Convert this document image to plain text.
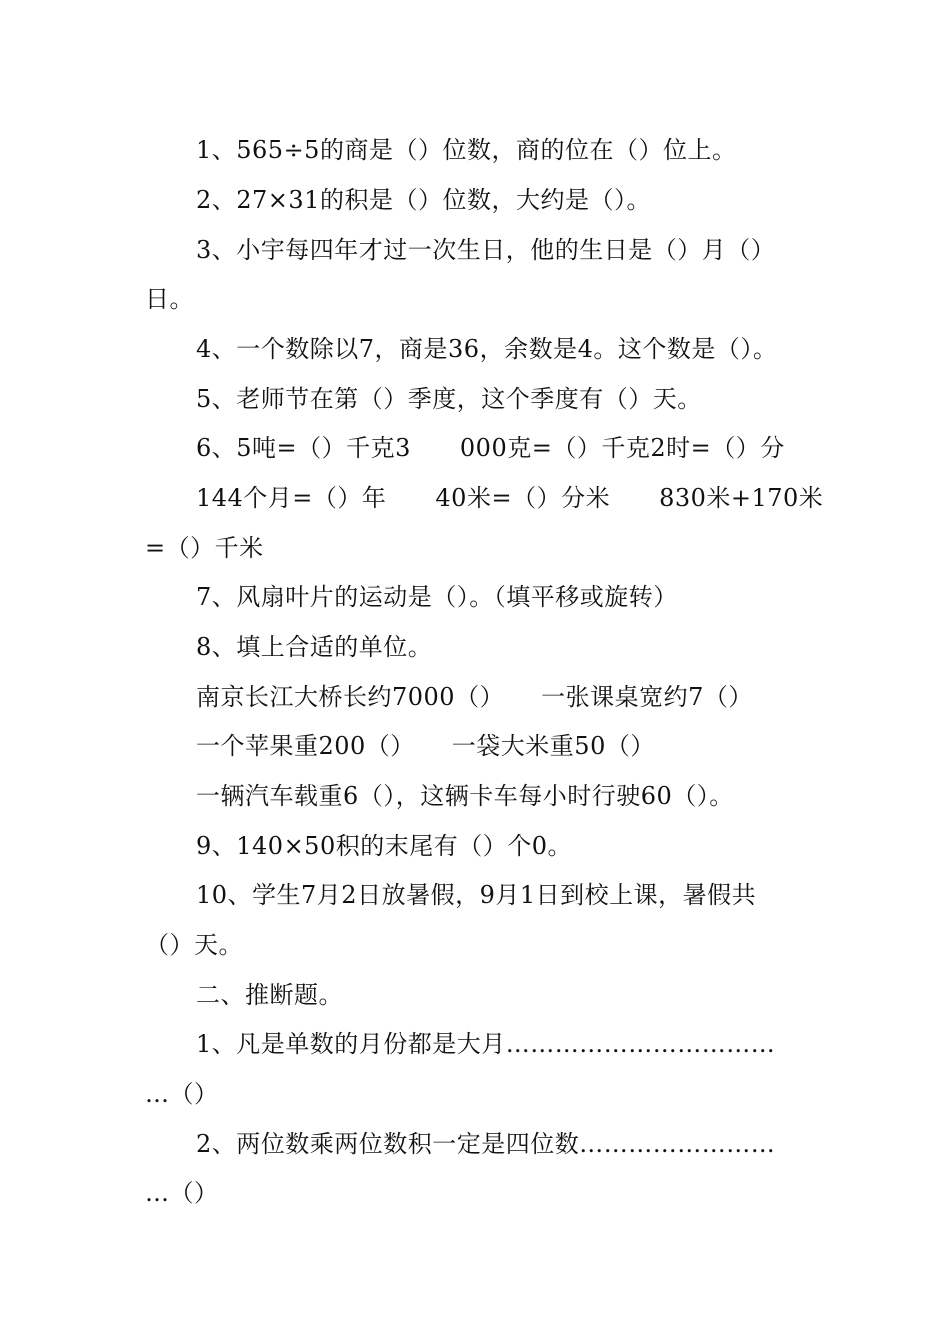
1、565÷5的商是（）位数，商的位在（）位上。
2、27×31的积是（）位数，大约是（）。
3、小宇每四年才过一次生日，他的生日是（）月（）
日。
4、一个数除以7，商是36，余数是4。这个数是（）。
5、老师节在第（）季度，这个季度有（）天。
6、5吨=（）千克3　　000克=（）千克2时=（）分
144个月=（）年　　40米=（）分米　　830米+170米
=（）千米
7、风扇叶片的运动是（）。（填平移或旋转）
8、填上合适的单位。
南京长江大桥长约7000（）　　一张课桌宽约7（）
一个苹果重200（）　　一袋大米重50（）
一辆汽车载重6（），这辆卡车每小时行驶60（）。
9、140×50积的末尾有（）个0。
10、学生7月2日放暑假，9月1日到校上课，暑假共
（）天。
二、推断题。
1、凡是单数的月份都是大月……………………………
…（）
2、两位数乘两位数积一定是四位数……………………
…（）
